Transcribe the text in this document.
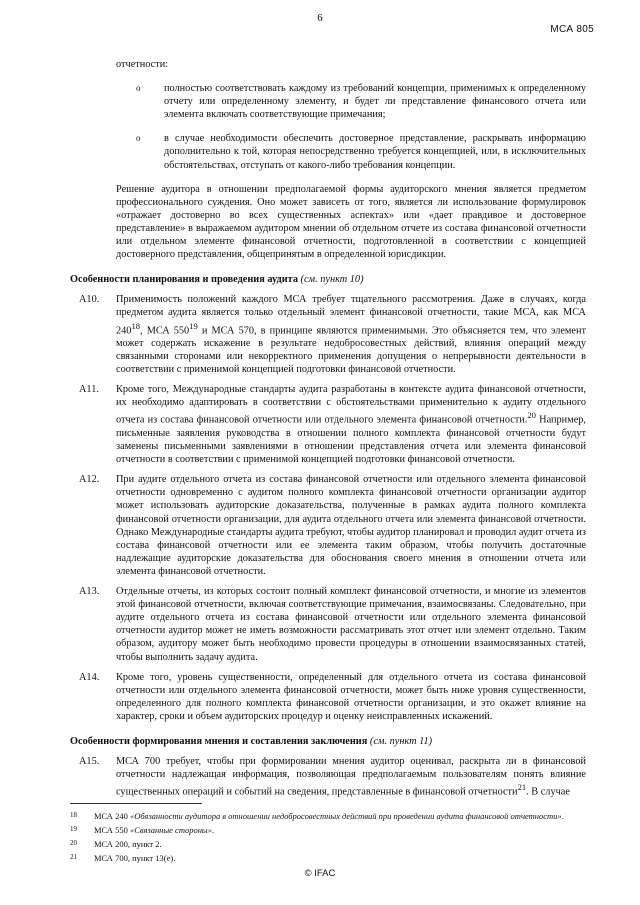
6
МСА 805

отчетности:

o полностью соответствовать каждому из требований концепции, применимых к определенному отчету или определенному элементу, и будет ли представление финансового отчета или элемента включать соответствующие примечания;
o в случае необходимости обеспечить достоверное представление, раскрывать информацию дополнительно к той, которая непосредственно требуется концепцией, или, в исключительных обстоятельствах, отступать от какого-либо требования концепции.

Решение аудитора в отношении предполагаемой формы аудиторского мнения является предметом профессионального суждения. Оно может зависеть от того, является ли использование формулировок «отражает достоверно во всех существенных аспектах» или «дает правдивое и достоверное представление» в выражаемом аудитором мнении об отдельном отчете из состава финансовой отчетности или отдельном элементе финансовой отчетности, подготовленной в соответствии с концепцией достоверного представления, общепринятым в определенной юрисдикции.

Особенности планирования и проведения аудита (см. пункт 10)

A10. Применимость положений каждого МСА требует тщательного рассмотрения. Даже в случаях, когда предметом аудита является только отдельный элемент финансовой отчетности, такие МСА, как МСА $240^{18}$, МСА $550^{19}$ и МСА 570, в принципе являются применимыми. Это объясняется тем, что элемент может содержать искажение в результате недобросовестных действий, влияния операций между связанными сторонами или некорректного применения допущения о непрерывности деятельности в соответствии с применимой концепцией подготовки финансовой отчетности.
A11. Кроме того, Международные стандарты аудита разработаны в контексте аудита финансовой отчетности, их необходимо адаптировать в соответствии с обстоятельствами применительно к аудиту отдельного отчета из состава финансовой отчетности или отдельного элемента финансовой отчетности.$^{20}$ Например, письменные заявления руководства в отношении полного комплекта финансовой отчетности будут заменены письменными заявлениями в отношении представления отчета или элемента финансовой отчетности в соответствии с применимой концепцией подготовки финансовой отчетности.
A12. При аудите отдельного отчета из состава финансовой отчетности или отдельного элемента финансовой отчетности одновременно с аудитом полного комплекта финансовой отчетности организации аудитор может использовать аудиторские доказательства, полученные в рамках аудита полного комплекта финансовой отчетности организации, для аудита отдельного отчета или элемента финансовой отчетности. Однако Международные стандарты аудита требуют, чтобы аудитор планировал и проводил аудит отчета из состава финансовой отчетности или ее элемента таким образом, чтобы получить достаточные надлежащие аудиторские доказательства для обоснования своего мнения в отношении отчета или элемента финансовой отчетности.
A13. Отдельные отчеты, из которых состоит полный комплект финансовой отчетности, и многие из элементов этой финансовой отчетности, включая соответствующие примечания, взаимосвязаны. Следовательно, при аудите отдельного отчета из состава финансовой отчетности или отдельного элемента финансовой отчетности аудитор может не иметь возможности рассматривать этот отчет или элемент отдельно. Таким образом, аудитору может быть необходимо провести процедуры в отношении взаимосвязанных статей, чтобы выполнить задачу аудита.
A14. Кроме того, уровень существенности, определенный для отдельного отчета из состава финансовой отчетности или отдельного элемента финансовой отчетности, может быть ниже уровня существенности, определенного для полного комплекта финансовой отчетности организации, и это окажет влияние на характер, сроки и объем аудиторских процедур и оценку неисправленных искажений.

Особенности формирования мнения и составления заключения (см. пункт 11)

A15. МСА 700 требует, чтобы при формировании мнения аудитор оценивал, раскрыта ли в финансовой отчетности надлежащая информация, позволяющая предполагаемым пользователям понять влияние существенных операций и событий на сведения, представленные в финансовой отчетности$^{21}$. В случае
18 МСА 240 «Обязанности аудитора в отношении недобросовестных действий при проведении аудита финансовой отчетности».
19 МСА 550 «Связанные стороны».
20 МСА 200, пункт 2.
21 МСА 700, пункт 13(e).
© IFAC
